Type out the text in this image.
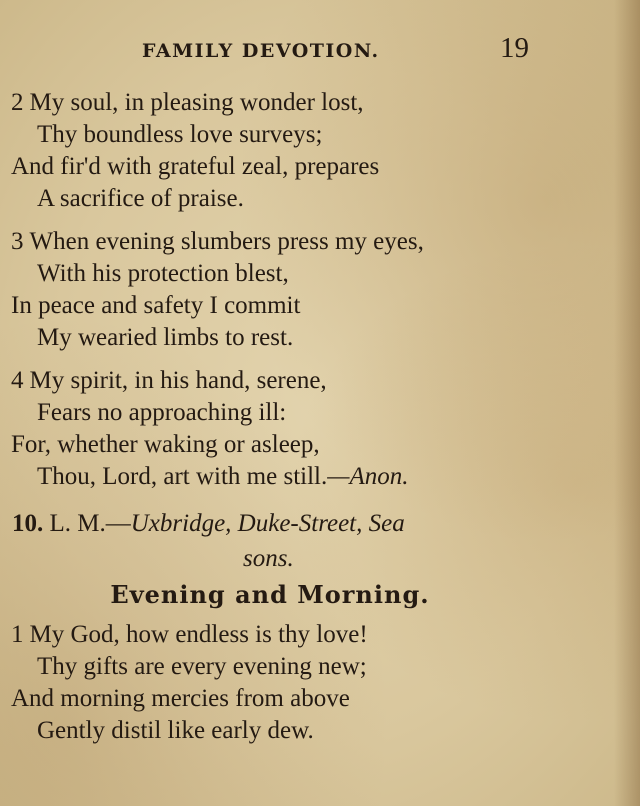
FAMILY DEVOTION.	19
2 My soul, in pleasing wonder lost,
Thy boundless love surveys;
And fir'd with grateful zeal, prepares
A sacrifice of praise.
3 When evening slumbers press my eyes,
With his protection blest,
In peace and safety I commit
My wearied limbs to rest.
4 My spirit, in his hand, serene,
Fears no approaching ill:
For, whether waking or asleep,
Thou, Lord, art with me still.—Anon.
10. L. M.—Uxbridge, Duke-Street, Sea
sons.
Evening and Morning.
1 My God, how endless is thy love!
Thy gifts are every evening new;
And morning mercies from above
Gently distil like early dew.
